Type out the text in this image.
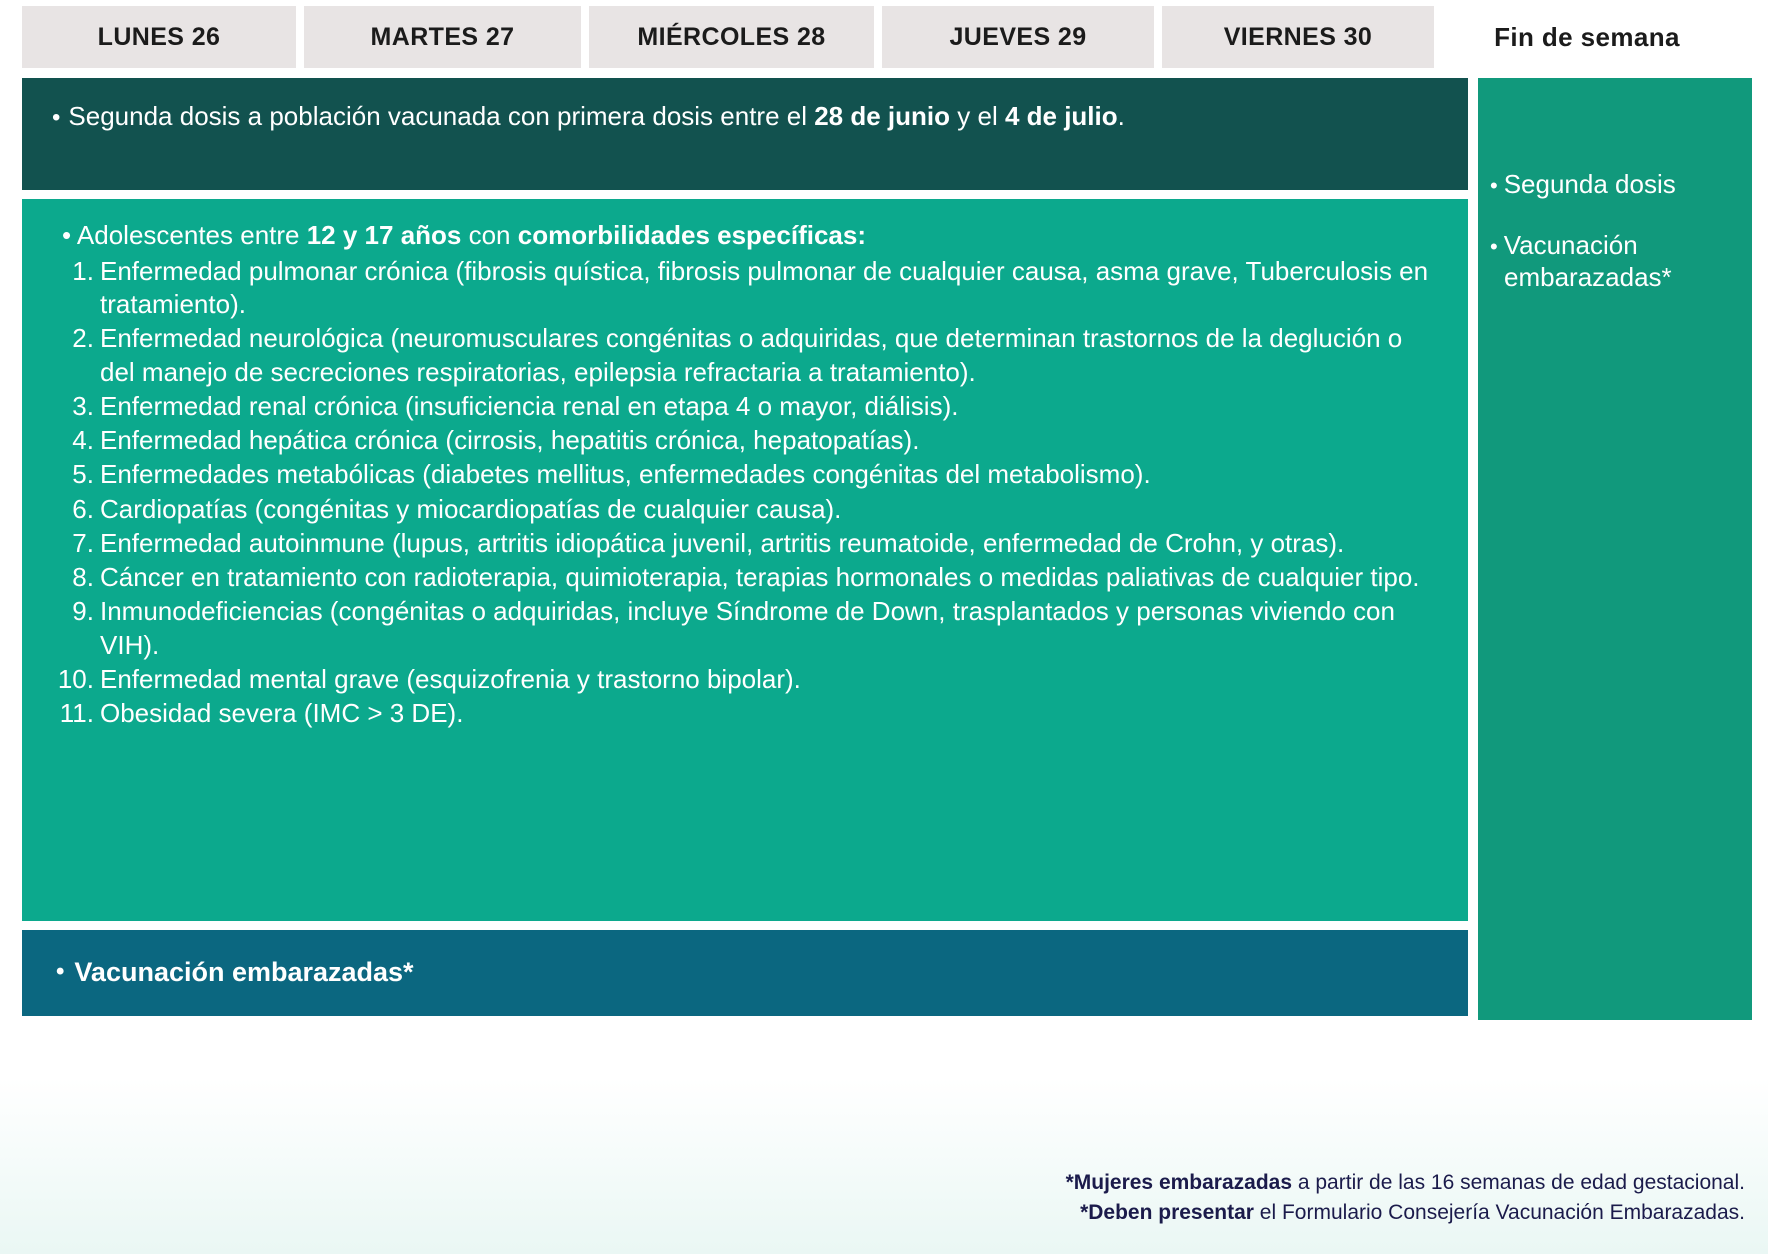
LUNES 26	MARTES 27	MIÉRCOLES 28	JUEVES 29	VIERNES 30	Fin de semana
• Segunda dosis a población vacunada con primera dosis entre el 28 de junio y el 4 de julio.

• Adolescentes entre 12 y 17 años con comorbilidades específicas:

Enfermedad pulmonar crónica (fibrosis quística, fibrosis pulmonar de cualquier causa, asma grave, Tuberculosis en tratamiento).
Enfermedad neurológica (neuromusculares congénitas o adquiridas, que determinan trastornos de la deglución o del manejo de secreciones respiratorias, epilepsia refractaria a tratamiento).
Enfermedad renal crónica (insuficiencia renal en etapa 4 o mayor, diálisis).
Enfermedad hepática crónica (cirrosis, hepatitis crónica, hepatopatías).
Enfermedades metabólicas (diabetes mellitus, enfermedades congénitas del metabolismo).
Cardiopatías (congénitas y miocardiopatías de cualquier causa).
Enfermedad autoinmune (lupus, artritis idiopática juvenil, artritis reumatoide, enfermedad de Crohn, y otras).
Cáncer en tratamiento con radioterapia, quimioterapia, terapias hormonales o medidas paliativas de cualquier tipo.
Inmunodeficiencias (congénitas o adquiridas, incluye Síndrome de Down, trasplantados y personas viviendo con VIH).
Enfermedad mental grave (esquizofrenia y trastorno bipolar).
Obesidad severa (IMC > 3 DE).
• Vacunación embarazadas*
• Segunda dosis
• Vacunación embarazadas*
*Mujeres embarazadas a partir de las 16 semanas de edad gestacional.
*Deben presentar el Formulario Consejería Vacunación Embarazadas.
